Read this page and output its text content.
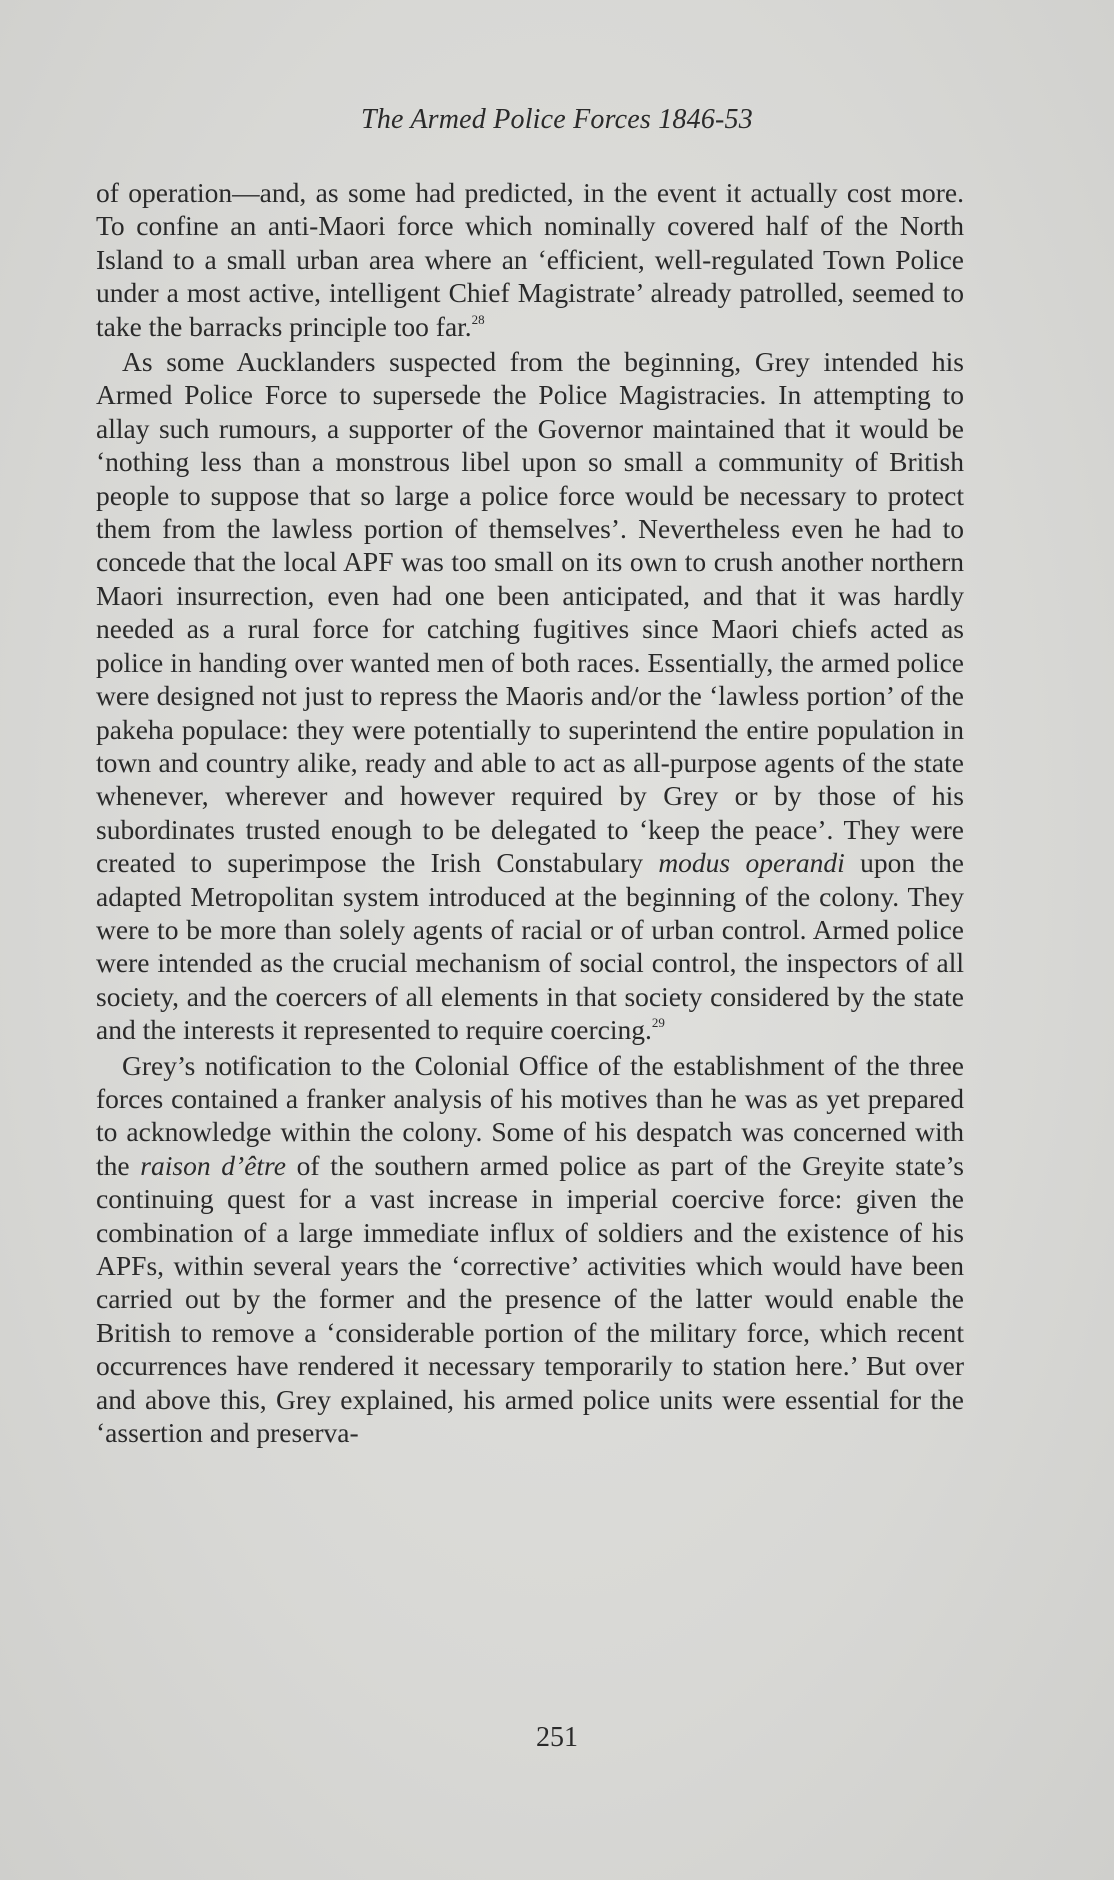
The Armed Police Forces 1846-53

of operation—and, as some had predicted, in the event it actually cost more. To confine an anti-Maori force which nominally covered half of the North Island to a small urban area where an ‘efficient, well-regulated Town Police under a most active, intelligent Chief Magistrate’ already patrolled, seemed to take the barracks principle too far.$^{28}$

As some Aucklanders suspected from the beginning, Grey intended his Armed Police Force to supersede the Police Magistracies. In attempting to allay such rumours, a supporter of the Governor maintained that it would be ‘nothing less than a monstrous libel upon so small a community of British people to suppose that so large a police force would be necessary to protect them from the lawless portion of themselves’. Nevertheless even he had to concede that the local APF was too small on its own to crush another northern Maori insurrection, even had one been anticipated, and that it was hardly needed as a rural force for catching fugitives since Maori chiefs acted as police in handing over wanted men of both races. Essentially, the armed police were designed not just to repress the Maoris and/or the ‘lawless portion’ of the pakeha populace: they were potentially to superintend the entire population in town and country alike, ready and able to act as all-purpose agents of the state whenever, wherever and however required by Grey or by those of his subordinates trusted enough to be delegated to ‘keep the peace’. They were created to superimpose the Irish Constabulary modus operandi upon the adapted Metropolitan system introduced at the beginning of the colony. They were to be more than solely agents of racial or of urban control. Armed police were intended as the crucial mechanism of social control, the inspectors of all society, and the coercers of all elements in that society considered by the state and the interests it represented to require coercing.$^{29}$

Grey’s notification to the Colonial Office of the establishment of the three forces contained a franker analysis of his motives than he was as yet prepared to acknowledge within the colony. Some of his despatch was concerned with the raison d’être of the southern armed police as part of the Greyite state’s continuing quest for a vast increase in imperial coercive force: given the combination of a large immediate influx of soldiers and the existence of his APFs, within several years the ‘corrective’ activities which would have been carried out by the former and the presence of the latter would enable the British to remove a ‘considerable portion of the military force, which recent occurrences have rendered it necessary temporarily to station here.’ But over and above this, Grey explained, his armed police units were essential for the ‘assertion and preserva-

251
